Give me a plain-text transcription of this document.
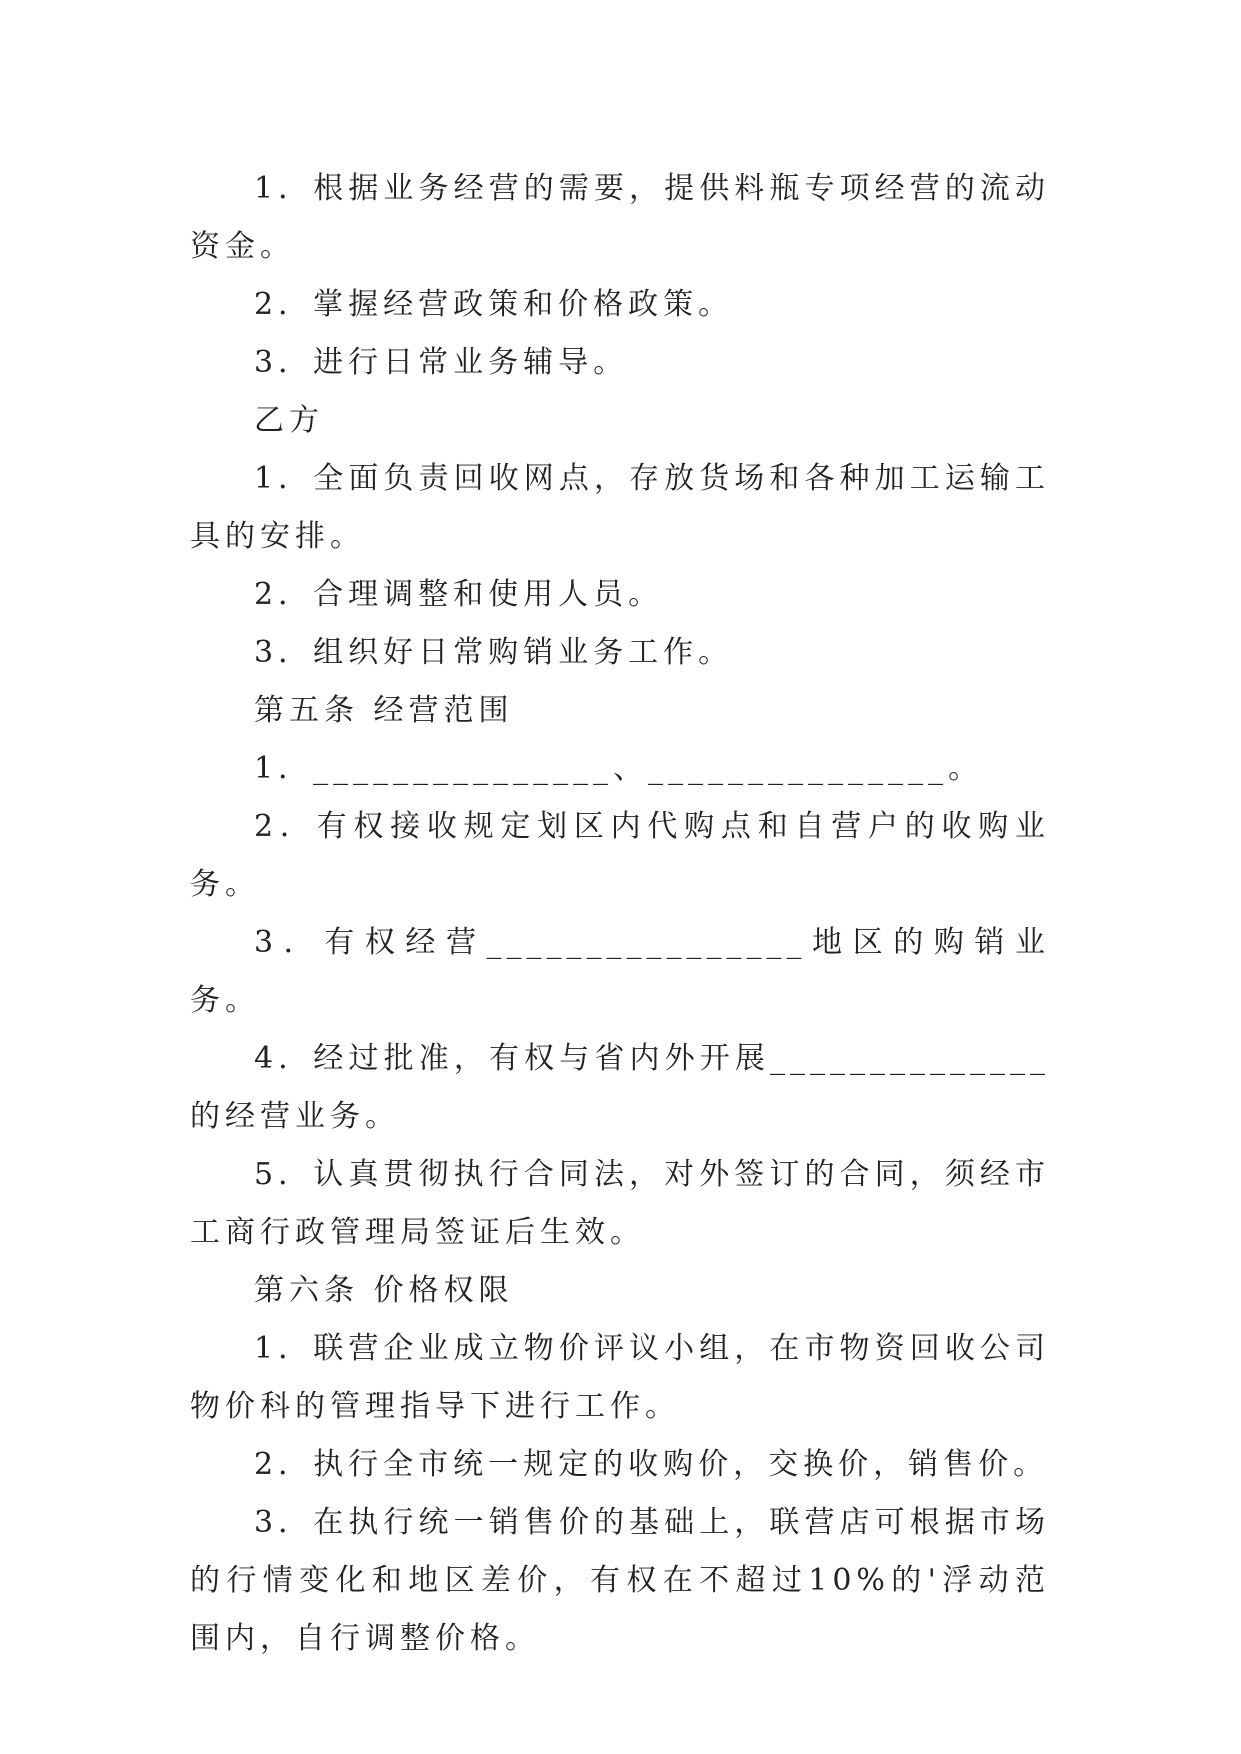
1．根据业务经营的需要，提供料瓶专项经营的流动资金。

2．掌握经营政策和价格政策。

3．进行日常业务辅导。

乙方

1．全面负责回收网点，存放货场和各种加工运输工具的安排。

2．合理调整和使用人员。

3．组织好日常购销业务工作。

第五条 经营范围

1．_______________、_______________。

2．有权接收规定划区内代购点和自营户的收购业务。

3．有权经营________________地区的购销业务。

4．经过批准，有权与省内外开展______________的经营业务。

5．认真贯彻执行合同法，对外签订的合同，须经市工商行政管理局签证后生效。

第六条 价格权限

1．联营企业成立物价评议小组，在市物资回收公司物价科的管理指导下进行工作。

2．执行全市统一规定的收购价，交换价，销售价。

3．在执行统一销售价的基础上，联营店可根据市场的行情变化和地区差价，有权在不超过10%的'浮动范围内，自行调整价格。
